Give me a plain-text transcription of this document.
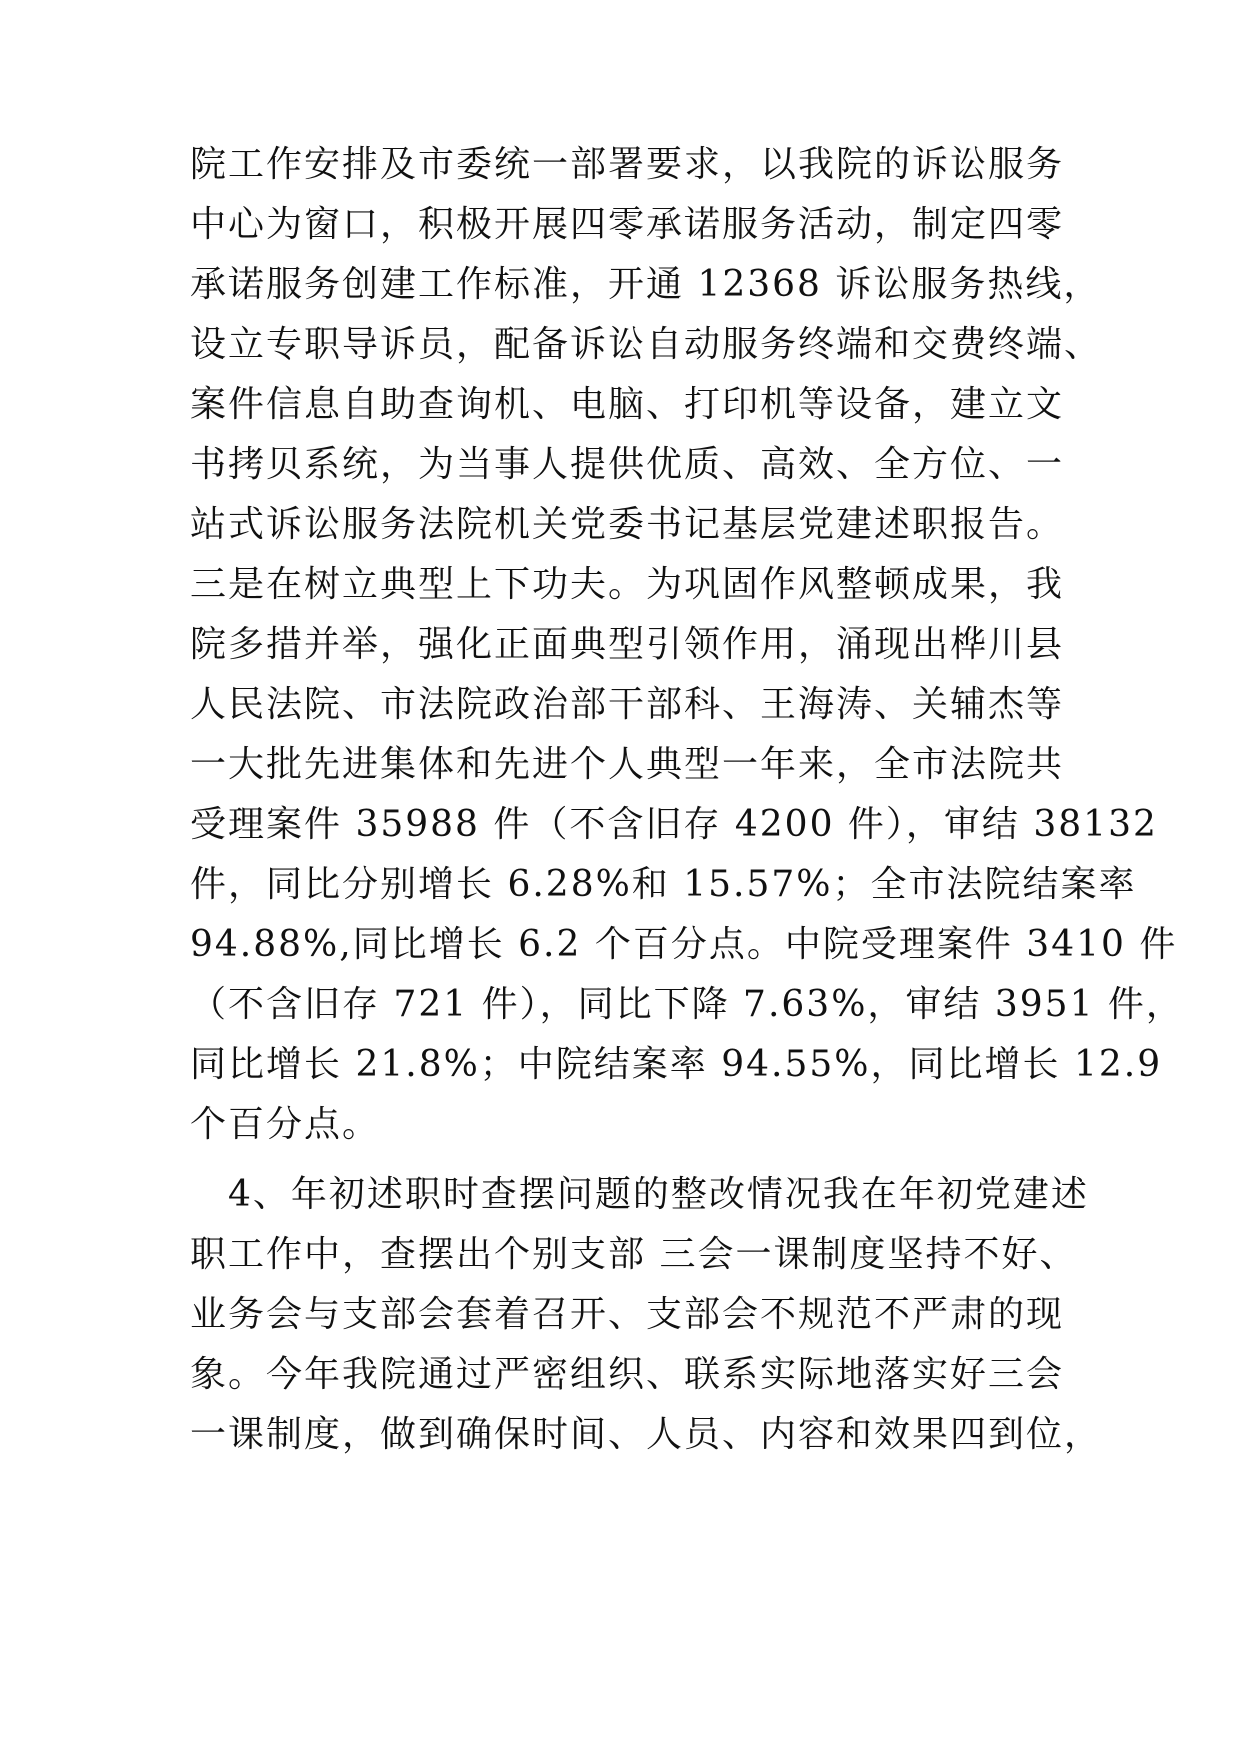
院工作安排及市委统一部署要求，以我院的诉讼服务
中心为窗口，积极开展四零承诺服务活动，制定四零
承诺服务创建工作标准，开通 12368 诉讼服务热线，
设立专职导诉员，配备诉讼自动服务终端和交费终端、
案件信息自助查询机、电脑、打印机等设备，建立文
书拷贝系统，为当事人提供优质、高效、全方位、一
站式诉讼服务法院机关党委书记基层党建述职报告。
三是在树立典型上下功夫。为巩固作风整顿成果，我
院多措并举，强化正面典型引领作用，涌现出桦川县
人民法院、市法院政治部干部科、王海涛、关辅杰等
一大批先进集体和先进个人典型一年来，全市法院共
受理案件 35988 件（不含旧存 4200 件），审结 38132
件，同比分别增长 6.28%和 15.57%；全市法院结案率
94.88%,同比增长 6.2 个百分点。中院受理案件 3410 件
（不含旧存 721 件），同比下降 7.63%，审结 3951 件，
同比增长 21.8%；中院结案率 94.55%，同比增长 12.9
个百分点。
　4、年初述职时查摆问题的整改情况我在年初党建述
职工作中，查摆出个别支部 三会一课制度坚持不好、
业务会与支部会套着召开、支部会不规范不严肃的现
象。今年我院通过严密组织、联系实际地落实好三会
一课制度，做到确保时间、人员、内容和效果四到位，
